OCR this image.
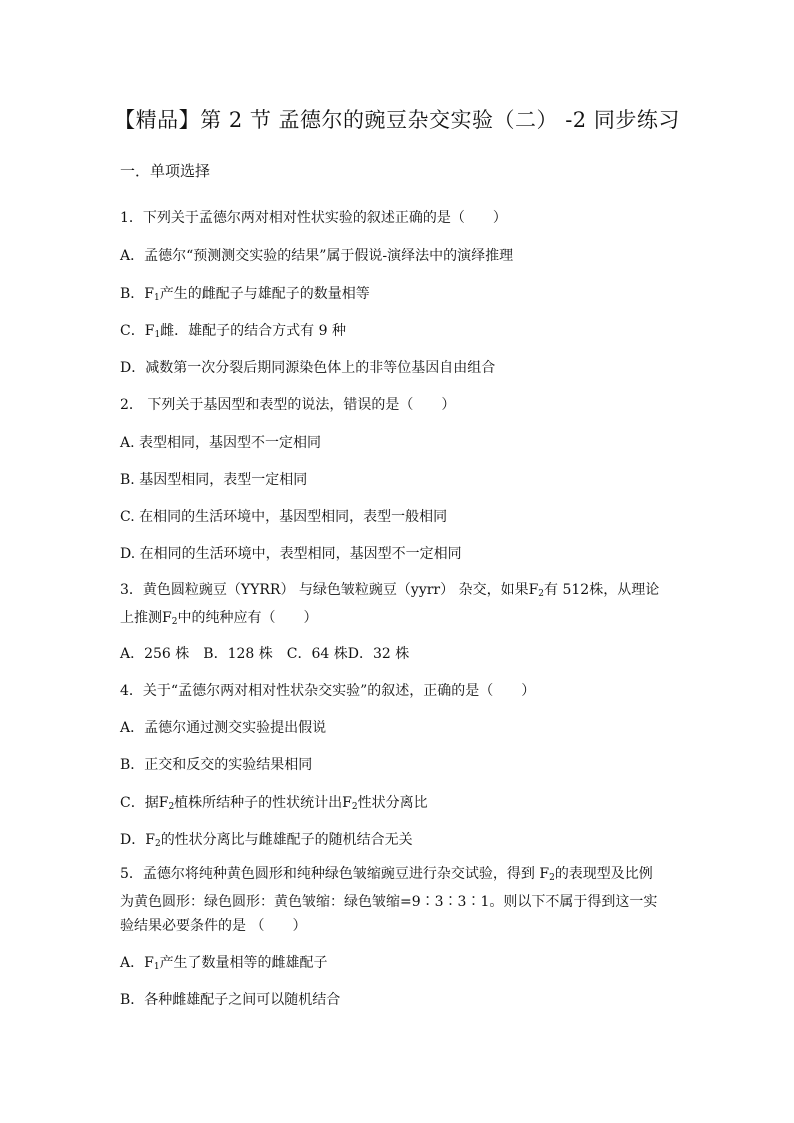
【精品】第 2 节 孟德尔的豌豆杂交实验（二） -2 同步练习
一．单项选择
1．下列关于孟德尔两对相对性状实验的叙述正确的是（　　）
A．孟德尔“预测测交实验的结果”属于假说-演绎法中的演绎推理
B．$F_1$产生的雌配子与雄配子的数量相等
C．$F_1$雌．雄配子的结合方式有 9 种
D．减数第一次分裂后期同源染色体上的非等位基因自由组合
2． 下列关于基因型和表型的说法，错误的是（　　）
A. 表型相同，基因型不一定相同
B. 基因型相同，表型一定相同
C. 在相同的生活环境中，基因型相同，表型一般相同
D. 在相同的生活环境中，表型相同，基因型不一定相同
3．黄色圆粒豌豆（YYRR） 与绿色皱粒豌豆（yyrr） 杂交，如果$F_2$有 512株，从理论
上推测$F_2$中的纯种应有（　　）
A．256 株 B．128 株 C．64 株D．32 株
4．关于“孟德尔两对相对性状杂交实验”的叙述，正确的是（　　）
A．孟德尔通过测交实验提出假说
B．正交和反交的实验结果相同
C．据$F_2$植株所结种子的性状统计出$F_2$性状分离比
D．$F_2$的性状分离比与雌雄配子的随机结合无关
5．孟德尔将纯种黄色圆形和纯种绿色皱缩豌豆进行杂交试验，得到 $F_2$的表现型及比例
为黄色圆形：绿色圆形：黄色皱缩：绿色皱缩=9∶3∶3∶1。则以下不属于得到这一实
验结果必要条件的是 （　　）
A．$F_1$产生了数量相等的雌雄配子
B．各种雌雄配子之间可以随机结合
